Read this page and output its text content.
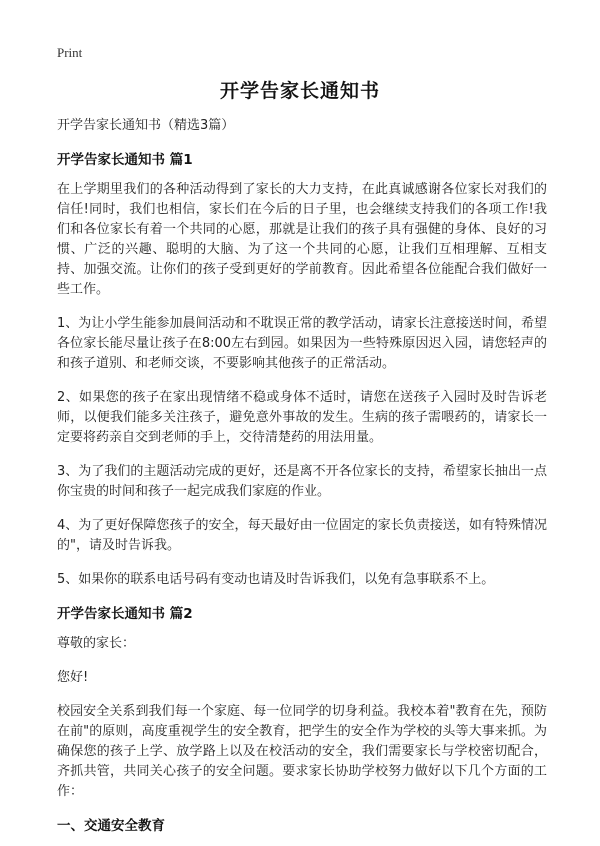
Print
开学告家长通知书

开学告家长通知书（精选3篇）

开学告家长通知书 篇1

在上学期里我们的各种活动得到了家长的大力支持，在此真诚感谢各位家长对我们的信任!同时，我们也相信，家长们在今后的日子里，也会继续支持我们的各项工作!我们和各位家长有着一个共同的心愿，那就是让我们的孩子具有强健的身体、良好的习惯、广泛的兴趣、聪明的大脑、为了这一个共同的心愿，让我们互相理解、互相支持、加强交流。让你们的孩子受到更好的学前教育。因此希望各位能配合我们做好一些工作。

1、为让小学生能参加晨间活动和不耽误正常的教学活动，请家长注意接送时间，希望各位家长能尽量让孩子在8:00左右到园。如果因为一些特殊原因迟入园，请您轻声的和孩子道别、和老师交谈，不要影响其他孩子的正常活动。

2、如果您的孩子在家出现情绪不稳或身体不适时，请您在送孩子入园时及时告诉老师，以便我们能多关注孩子，避免意外事故的发生。生病的孩子需喂药的，请家长一定要将药亲自交到老师的手上，交待清楚药的用法用量。

3、为了我们的主题活动完成的更好，还是离不开各位家长的支持，希望家长抽出一点你宝贵的时间和孩子一起完成我们家庭的作业。

4、为了更好保障您孩子的安全，每天最好由一位固定的家长负责接送，如有特殊情况的"，请及时告诉我。

5、如果你的联系电话号码有变动也请及时告诉我们，以免有急事联系不上。

开学告家长通知书 篇2

尊敬的家长：

您好!

校园安全关系到我们每一个家庭、每一位同学的切身利益。我校本着"教育在先，预防在前"的原则，高度重视学生的安全教育，把学生的安全作为学校的头等大事来抓。为确保您的孩子上学、放学路上以及在校活动的安全，我们需要家长与学校密切配合，齐抓共管，共同关心孩子的安全问题。要求家长协助学校努力做好以下几个方面的工作：

一、交通安全教育
